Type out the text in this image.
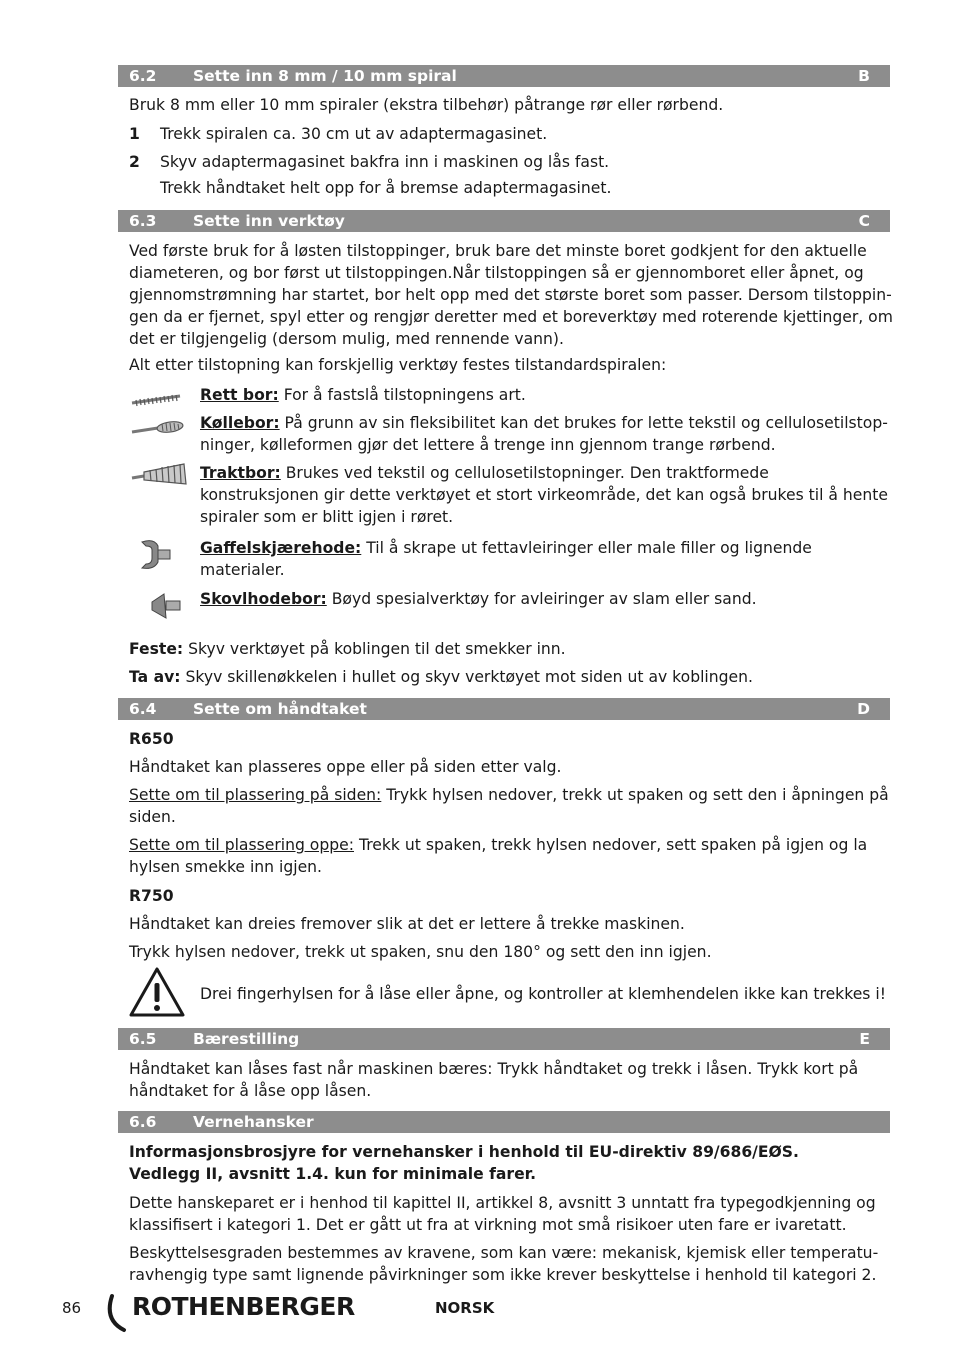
6.2 Sette inn 8 mm / 10 mm spiral	B
Bruk 8 mm eller 10 mm spiraler (ekstra tilbehør) påtrange rør eller rørbend.
1 Trekk spiralen ca. 30 cm ut av adaptermagasinet.
2 Skyv adaptermagasinet bakfra inn i maskinen og lås fast.
Trekk håndtaket helt opp for å bremse adaptermagasinet.
6.3 Sette inn verktøy	C
Ved første bruk for å løsten tilstoppinger, bruk bare det minste boret godkjent for den aktuelle
diameteren, og bor først ut tilstoppingen.Når tilstoppingen så er gjennomboret eller åpnet, og
gjennomstrømning har startet, bor helt opp med det største boret som passer. Dersom tilstoppin-
gen da er fjernet, spyl etter og rengjør deretter med et boreverktøy med roterende kjettinger, om
det er tilgjengelig (dersom mulig, med rennende vann).
Alt etter tilstopning kan forskjellig verktøy festes tilstandardspiralen:
Rett bor: For å fastslå tilstopningens art.
Køllebor: På grunn av sin fleksibilitet kan det brukes for lette tekstil og cellulosetilstop-ninger, kølleformen gjør det lettere å trenge inn gjennom trange rørbend.
Traktbor: Brukes ved tekstil og cellulosetilstopninger. Den traktformede konstruksjonen gir dette verktøyet et stort virkeområde, det kan også brukes til å hente spiraler som er blitt igjen i røret.
Gaffelskjærehode: Til å skrape ut fettavleiringer eller male filler og lignende materialer.
Skovlhodebor: Bøyd spesialverktøy for avleiringer av slam eller sand.
Feste: Skyv verktøyet på koblingen til det smekker inn.
Ta av: Skyv skillenøkkelen i hullet og skyv verktøyet mot siden ut av koblingen.
6.4 Sette om håndtaket	D
R650
Håndtaket kan plasseres oppe eller på siden etter valg.
Sette om til plassering på siden: Trykk hylsen nedover, trekk ut spaken og sett den i åpningen på siden.
Sette om til plassering oppe: Trekk ut spaken, trekk hylsen nedover, sett spaken på igjen og la hylsen smekke inn igjen.
R750
Håndtaket kan dreies fremover slik at det er lettere å trekke maskinen.
Trykk hylsen nedover, trekk ut spaken, snu den 180° og sett den inn igjen.
Drei fingerhylsen for å låse eller åpne, og kontroller at klemhendelen ikke kan trekkes i!
6.5 Bærestilling	E
Håndtaket kan låses fast når maskinen bæres: Trykk håndtaket og trekk i låsen. Trykk kort på
håndtaket for å låse opp låsen.
6.6 Vernehansker
Informasjonsbrosjyre for vernehansker i henhold til EU-direktiv 89/686/EØS.
Vedlegg II, avsnitt 1.4. kun for minimale farer.
Dette hanskeparet er i henhod til kapittel II, artikkel 8, avsnitt 3 unntatt fra typegodkjenning og
klassifisert i kategori 1. Det er gått ut fra at virkning mot små risikoer uten fare er ivaretatt.
Beskyttelsesgraden bestemmes av kravene, som kan være: mekanisk, kjemisk eller temperatu-
ravhengig type samt lignende påvirkninger som ikke krever beskyttelse i henhold til kategori 2.
86 ROTHENBERGER	NORSK
